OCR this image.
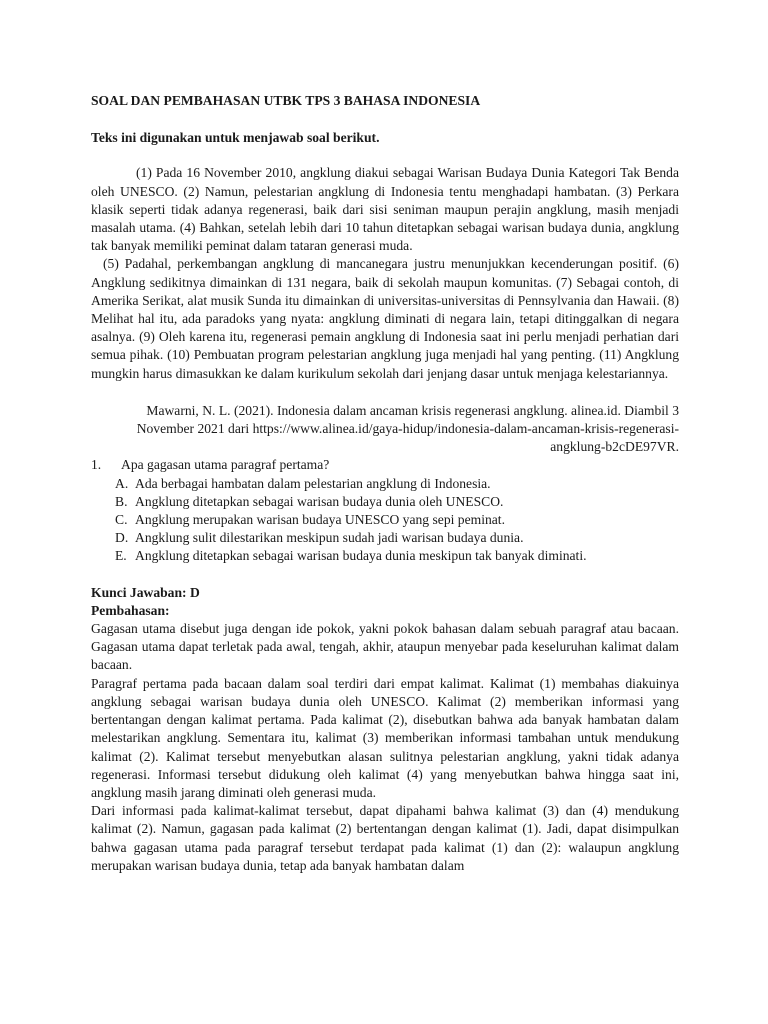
SOAL DAN PEMBAHASAN UTBK TPS 3 BAHASA INDONESIA

Teks ini digunakan untuk menjawab soal berikut.

(1) Pada 16 November 2010, angklung diakui sebagai Warisan Budaya Dunia Kategori Tak Benda oleh UNESCO. (2) Namun, pelestarian angklung di Indonesia tentu menghadapi hambatan. (3) Perkara klasik seperti tidak adanya regenerasi, baik dari sisi seniman maupun perajin angklung, masih menjadi masalah utama. (4) Bahkan, setelah lebih dari 10 tahun ditetapkan sebagai warisan budaya dunia, angklung tak banyak memiliki peminat dalam tataran generasi muda.

(5) Padahal, perkembangan angklung di mancanegara justru menunjukkan kecenderungan positif. (6) Angklung sedikitnya dimainkan di 131 negara, baik di sekolah maupun komunitas. (7) Sebagai contoh, di Amerika Serikat, alat musik Sunda itu dimainkan di universitas-universitas di Pennsylvania dan Hawaii. (8) Melihat hal itu, ada paradoks yang nyata: angklung diminati di negara lain, tetapi ditinggalkan di negara asalnya. (9) Oleh karena itu, regenerasi pemain angklung di Indonesia saat ini perlu menjadi perhatian dari semua pihak. (10) Pembuatan program pelestarian angklung juga menjadi hal yang penting. (11) Angklung mungkin harus dimasukkan ke dalam kurikulum sekolah dari jenjang dasar untuk menjaga kelestariannya.

Mawarni, N. L. (2021). Indonesia dalam ancaman krisis regenerasi angklung. alinea.id. Diambil 3 November 2021 dari https://www.alinea.id/gaya-hidup/indonesia-dalam-ancaman-krisis-regenerasi-angklung-b2cDE97VR.

1.	Apa gagasan utama paragraf pertama?
A. Ada berbagai hambatan dalam pelestarian angklung di Indonesia.
B. Angklung ditetapkan sebagai warisan budaya dunia oleh UNESCO.
C. Angklung merupakan warisan budaya UNESCO yang sepi peminat.
D. Angklung sulit dilestarikan meskipun sudah jadi warisan budaya dunia.
E. Angklung ditetapkan sebagai warisan budaya dunia meskipun tak banyak diminati.

Kunci Jawaban: D

Pembahasan:

Gagasan utama disebut juga dengan ide pokok, yakni pokok bahasan dalam sebuah paragraf atau bacaan. Gagasan utama dapat terletak pada awal, tengah, akhir, ataupun menyebar pada keseluruhan kalimat dalam bacaan.

Paragraf pertama pada bacaan dalam soal terdiri dari empat kalimat. Kalimat (1) membahas diakuinya angklung sebagai warisan budaya dunia oleh UNESCO. Kalimat (2) memberikan informasi yang bertentangan dengan kalimat pertama. Pada kalimat (2), disebutkan bahwa ada banyak hambatan dalam melestarikan angklung. Sementara itu, kalimat (3) memberikan informasi tambahan untuk mendukung kalimat (2). Kalimat tersebut menyebutkan alasan sulitnya pelestarian angklung, yakni tidak adanya regenerasi. Informasi tersebut didukung oleh kalimat (4) yang menyebutkan bahwa hingga saat ini, angklung masih jarang diminati oleh generasi muda.

Dari informasi pada kalimat-kalimat tersebut, dapat dipahami bahwa kalimat (3) dan (4) mendukung kalimat (2). Namun, gagasan pada kalimat (2) bertentangan dengan kalimat (1). Jadi, dapat disimpulkan bahwa gagasan utama pada paragraf tersebut terdapat pada kalimat (1) dan (2): walaupun angklung merupakan warisan budaya dunia, tetap ada banyak hambatan dalam
